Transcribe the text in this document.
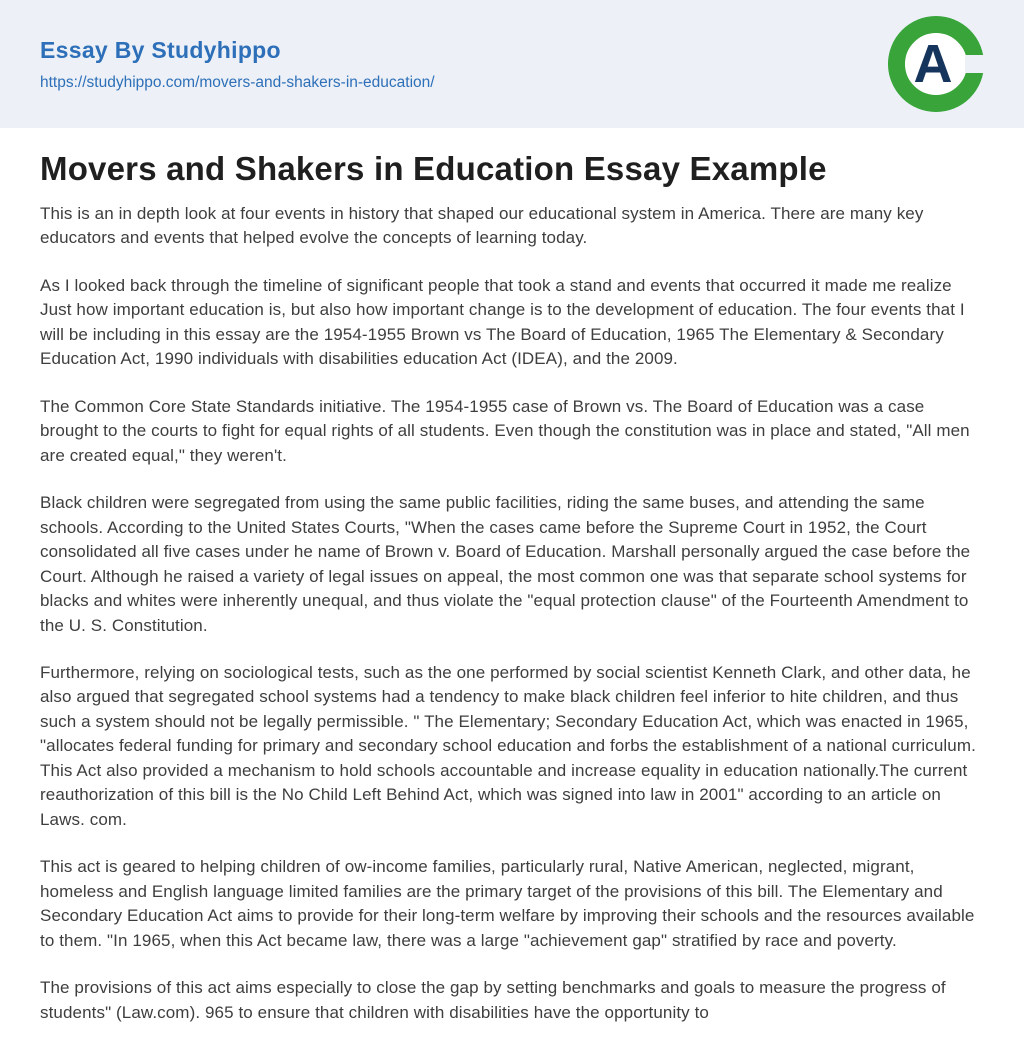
Essay By Studyhippo
https://studyhippo.com/movers-and-shakers-in-education/	A
Movers and Shakers in Education Essay Example

This is an in depth look at four events in history that shaped our educational system in America. There are many key educators and events that helped evolve the concepts of learning today.

As I looked back through the timeline of significant people that took a stand and events that occurred it made me realize Just how important education is, but also how important change is to the development of education. The four events that I will be including in this essay are the 1954-1955 Brown vs The Board of Education, 1965 The Elementary & Secondary Education Act, 1990 individuals with disabilities education Act (IDEA), and the 2009.

The Common Core State Standards initiative. The 1954-1955 case of Brown vs. The Board of Education was a case brought to the courts to fight for equal rights of all students. Even though the constitution was in place and stated, "All men are created equal," they weren't.

Black children were segregated from using the same public facilities, riding the same buses, and attending the same schools. According to the United States Courts, "When the cases came before the Supreme Court in 1952, the Court consolidated all five cases under he name of Brown v. Board of Education. Marshall personally argued the case before the Court. Although he raised a variety of legal issues on appeal, the most common one was that separate school systems for blacks and whites were inherently unequal, and thus violate the "equal protection clause" of the Fourteenth Amendment to the U. S. Constitution.

Furthermore, relying on sociological tests, such as the one performed by social scientist Kenneth Clark, and other data, he also argued that segregated school systems had a tendency to make black children feel inferior to hite children, and thus such a system should not be legally permissible. " The Elementary; Secondary Education Act, which was enacted in 1965, "allocates federal funding for primary and secondary school education and forbs the establishment of a national curriculum. This Act also provided a mechanism to hold schools accountable and increase equality in education nationally.The current reauthorization of this bill is the No Child Left Behind Act, which was signed into law in 2001" according to an article on Laws. com.

This act is geared to helping children of ow-income families, particularly rural, Native American, neglected, migrant, homeless and English language limited families are the primary target of the provisions of this bill. The Elementary and Secondary Education Act aims to provide for their long-term welfare by improving their schools and the resources available to them. "In 1965, when this Act became law, there was a large "achievement gap" stratified by race and poverty.

The provisions of this act aims especially to close the gap by setting benchmarks and goals to measure the progress of students" (Law.com). 965 to ensure that children with disabilities have the opportunity to
